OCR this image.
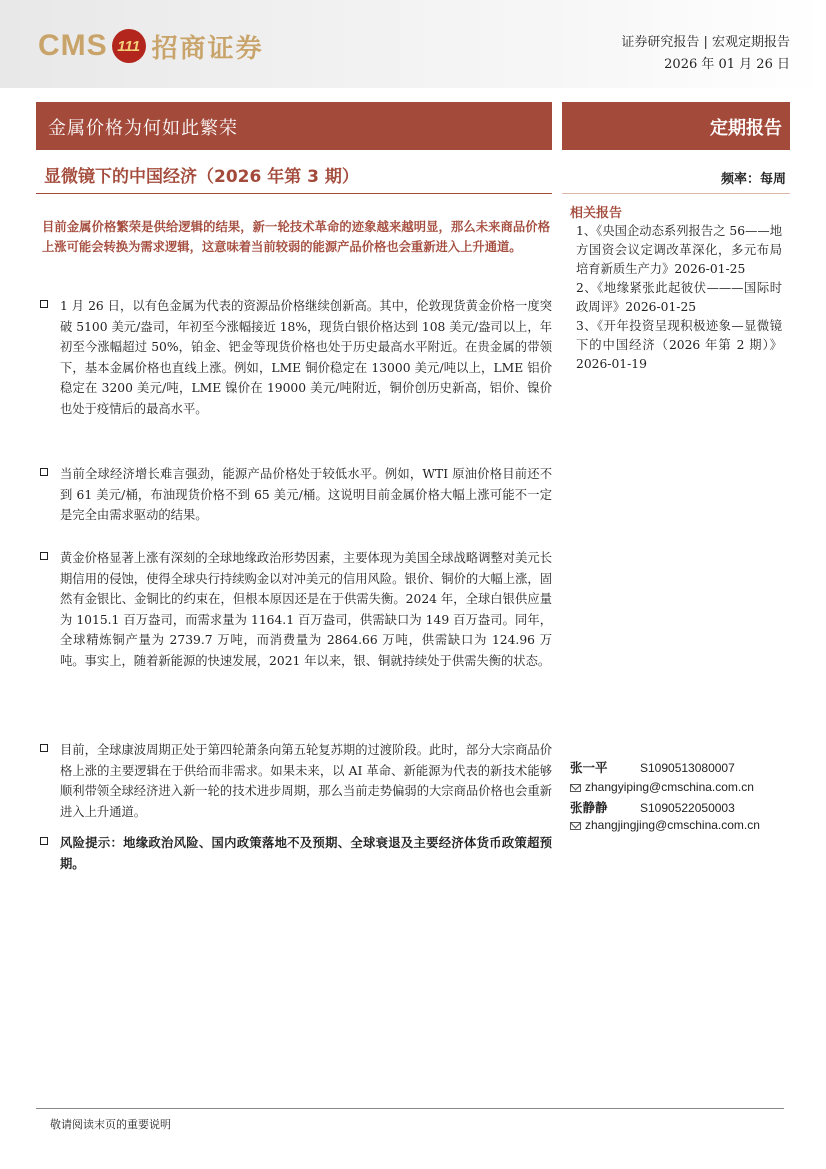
CMS 111 招商证券	证券研究报告 | 宏观定期报告
2026 年 01 月 26 日
金属价格为何如此繁荣	定期报告
显微镜下的中国经济（2026 年第 3 期）	频率：每周
目前金属价格繁荣是供给逻辑的结果，新一轮技术革命的迹象越来越明显，那么未来商品价格上涨可能会转换为需求逻辑，这意味着当前较弱的能源产品价格也会重新进入上升通道。

1 月 26 日，以有色金属为代表的资源品价格继续创新高。其中，伦敦现货黄金价格一度突破 5100 美元/盎司，年初至今涨幅接近 18%，现货白银价格达到 108 美元/盎司以上，年初至今涨幅超过 50%，铂金、钯金等现货价格也处于历史最高水平附近。在贵金属的带领下，基本金属价格也直线上涨。例如，LME 铜价稳定在 13000 美元/吨以上，LME 铝价稳定在 3200 美元/吨，LME 镍价在 19000 美元/吨附近，铜价创历史新高，铝价、镍价也处于疫情后的最高水平。

当前全球经济增长难言强劲，能源产品价格处于较低水平。例如，WTI 原油价格目前还不到 61 美元/桶，布油现货价格不到 65 美元/桶。这说明目前金属价格大幅上涨可能不一定是完全由需求驱动的结果。

黄金价格显著上涨有深刻的全球地缘政治形势因素，主要体现为美国全球战略调整对美元长期信用的侵蚀，使得全球央行持续购金以对冲美元的信用风险。银价、铜价的大幅上涨，固然有金银比、金铜比的约束在，但根本原因还是在于供需失衡。2024 年，全球白银供应量为 1015.1 百万盎司，而需求量为 1164.1 百万盎司，供需缺口为 149 百万盎司。同年，全球精炼铜产量为 2739.7 万吨，而消费量为 2864.66 万吨，供需缺口为 124.96 万吨。事实上，随着新能源的快速发展，2021 年以来，银、铜就持续处于供需失衡的状态。

目前，全球康波周期正处于第四轮萧条向第五轮复苏期的过渡阶段。此时，部分大宗商品价格上涨的主要逻辑在于供给而非需求。如果未来，以 AI 革命、新能源为代表的新技术能够顺利带领全球经济进入新一轮的技术进步周期，那么当前走势偏弱的大宗商品价格也会重新进入上升通道。

风险提示：地缘政治风险、国内政策落地不及预期、全球衰退及主要经济体货币政策超预期。

相关报告
1、《央国企动态系列报告之 56——地方国资会议定调改革深化，多元布局培育新质生产力》2026-01-25
2、《地缘紧张此起彼伏———国际时政周评》2026-01-25
3、《开年投资呈现积极迹象—显微镜下的中国经济（2026 年第 2 期）》2026-01-19
张一平	S1090513080007
zhangyiping@cmschina.com.cn
张静静	S1090522050003
zhangjingjing@cmschina.com.cn
敬请阅读末页的重要说明
